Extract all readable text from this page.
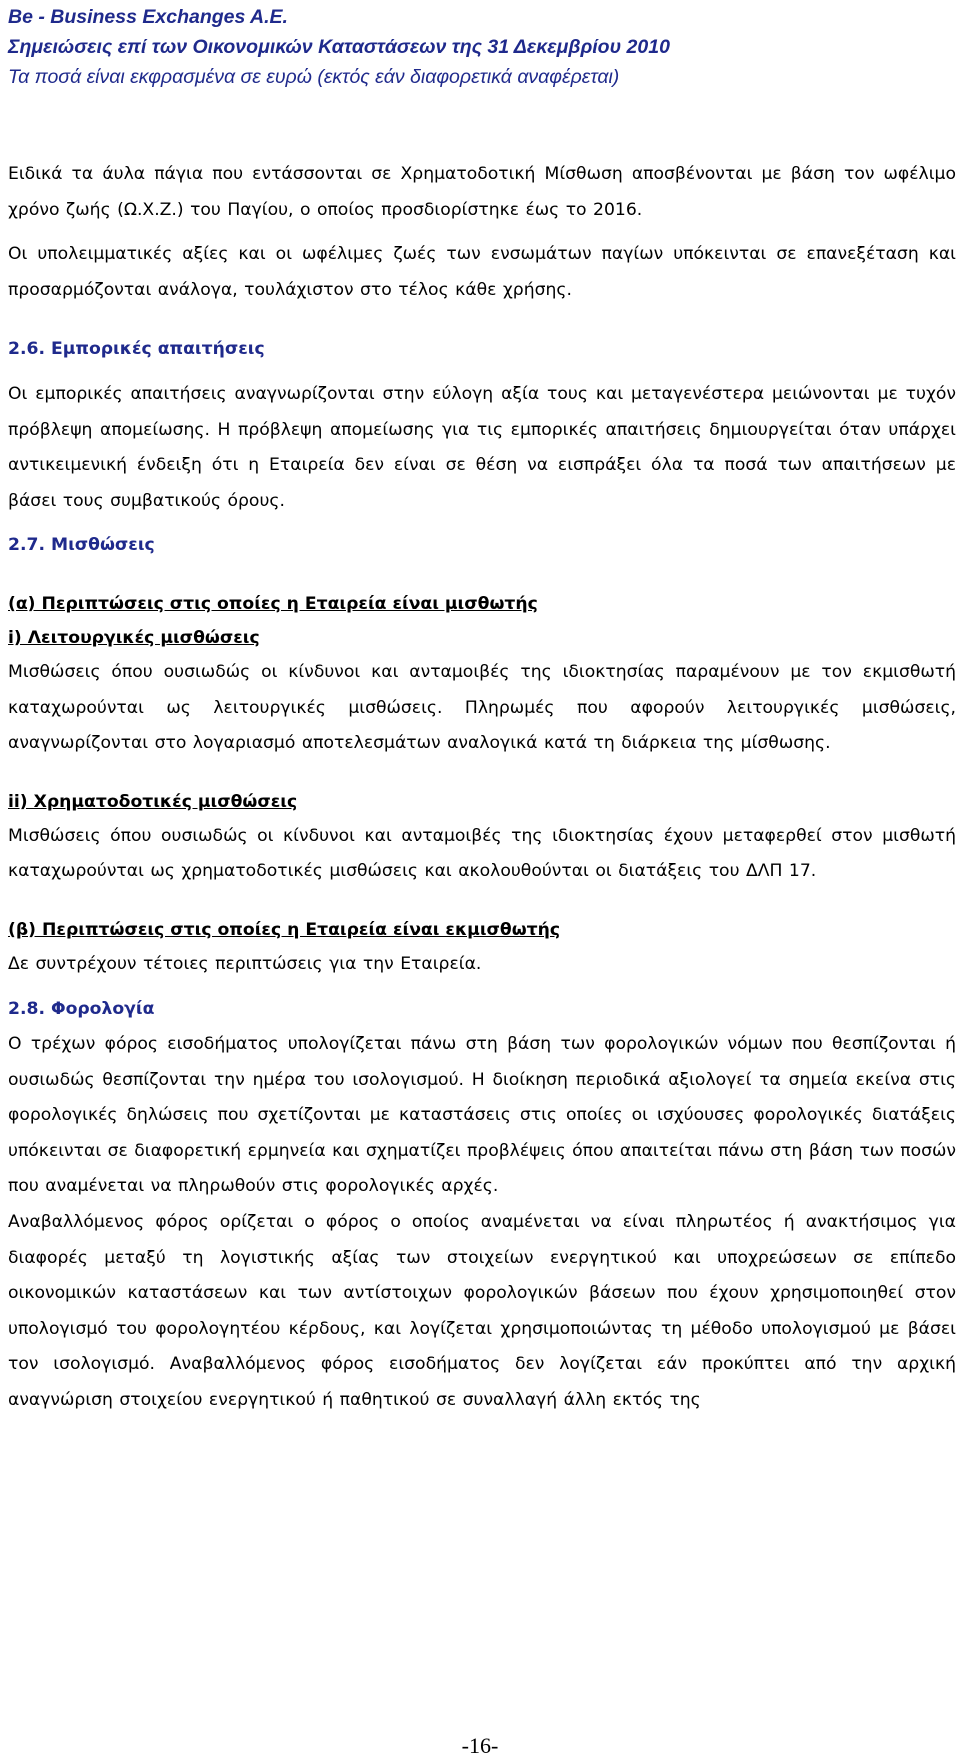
Be - Business Exchanges A.E.
Σημειώσεις επί των Οικονομικών Καταστάσεων της 31 Δεκεμβρίου 2010
Τα ποσά είναι εκφρασμένα σε ευρώ (εκτός εάν διαφορετικά αναφέρεται)

Ειδικά τα άυλα πάγια που εντάσσονται σε Χρηματοδοτική Μίσθωση αποσβένονται με βάση τον ωφέλιμο χρόνο ζωής (Ω.Χ.Ζ.) του Παγίου, ο οποίος προσδιορίστηκε έως το 2016.

Οι υπολειμματικές αξίες και οι ωφέλιμες ζωές των ενσωμάτων παγίων υπόκεινται σε επανεξέταση και προσαρμόζονται ανάλογα, τουλάχιστον στο τέλος κάθε χρήσης.

2.6. Εμπορικές απαιτήσεις

Οι εμπορικές απαιτήσεις αναγνωρίζονται στην εύλογη αξία τους και μεταγενέστερα μειώνονται με τυχόν πρόβλεψη απομείωσης. Η πρόβλεψη απομείωσης για τις εμπορικές απαιτήσεις δημιουργείται όταν υπάρχει αντικειμενική ένδειξη ότι η Εταιρεία δεν είναι σε θέση να εισπράξει όλα τα ποσά των απαιτήσεων με βάσει τους συμβατικούς όρους.

2.7. Μισθώσεις
(α) Περιπτώσεις στις οποίες η Εταιρεία είναι μισθωτής
i) Λειτουργικές μισθώσεις

Μισθώσεις όπου ουσιωδώς οι κίνδυνοι και ανταμοιβές της ιδιοκτησίας παραμένουν με τον εκμισθωτή καταχωρούνται ως λειτουργικές μισθώσεις. Πληρωμές που αφορούν λειτουργικές μισθώσεις, αναγνωρίζονται στο λογαριασμό αποτελεσμάτων αναλογικά κατά τη διάρκεια της μίσθωσης.

ii) Χρηματοδοτικές μισθώσεις

Μισθώσεις όπου ουσιωδώς οι κίνδυνοι και ανταμοιβές της ιδιοκτησίας έχουν μεταφερθεί στον μισθωτή καταχωρούνται ως χρηματοδοτικές μισθώσεις και ακολουθούνται οι διατάξεις του ΔΛΠ 17.

(β) Περιπτώσεις στις οποίες η Εταιρεία είναι εκμισθωτής

Δε συντρέχουν τέτοιες περιπτώσεις για την Εταιρεία.

2.8. Φορολογία

Ο τρέχων φόρος εισοδήματος υπολογίζεται πάνω στη βάση των φορολογικών νόμων που θεσπίζονται ή ουσιωδώς θεσπίζονται την ημέρα του ισολογισμού. Η διοίκηση περιοδικά αξιολογεί τα σημεία εκείνα στις φορολογικές δηλώσεις που σχετίζονται με καταστάσεις στις οποίες οι ισχύουσες φορολογικές διατάξεις υπόκεινται σε διαφορετική ερμηνεία και σχηματίζει προβλέψεις όπου απαιτείται πάνω στη βάση των ποσών που αναμένεται να πληρωθούν στις φορολογικές αρχές.

Αναβαλλόμενος φόρος ορίζεται ο φόρος ο οποίος αναμένεται να είναι πληρωτέος ή ανακτήσιμος για διαφορές μεταξύ τη λογιστικής αξίας των στοιχείων ενεργητικού και υποχρεώσεων σε επίπεδο οικονομικών καταστάσεων και των αντίστοιχων φορολογικών βάσεων που έχουν χρησιμοποιηθεί στον υπολογισμό του φορολογητέου κέρδους, και λογίζεται χρησιμοποιώντας τη μέθοδο υπολογισμού με βάσει τον ισολογισμό. Αναβαλλόμενος φόρος εισοδήματος δεν λογίζεται εάν προκύπτει από την αρχική αναγνώριση στοιχείου ενεργητικού ή παθητικού σε συναλλαγή άλλη εκτός της

-16-
